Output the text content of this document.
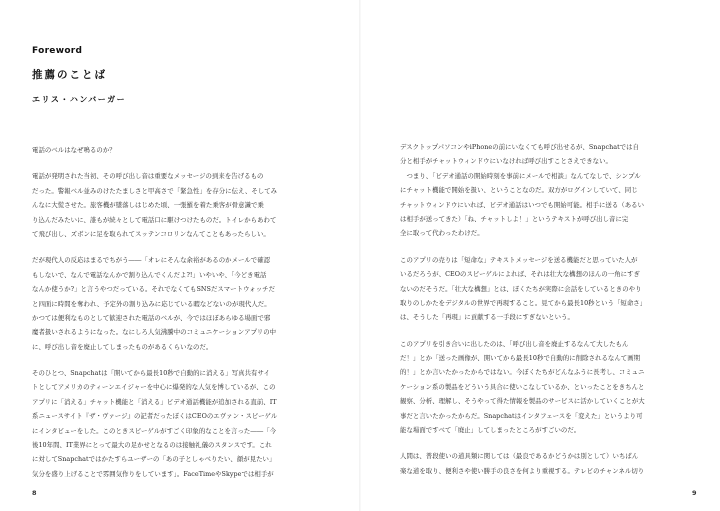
Foreword
推薦のことば
エリス・ハンバーガー
電話のベルはなぜ鳴るのか？
電話が発明された当初、その呼び出し音は重要なメッセージの到来を告げるもの
だった。警報ベル並みのけたたましさと甲高さで「緊急性」を存分に伝え、そしてみ
んなに大慌させた。旅客機が墜落しはじめた頃、一張羅を着た乗客が骨意識で乗
り込んだみたいに、誰もが続々として電話口に駆けつけたものだ。トイレからあわて
て飛び出し、ズボンに足を取られてスッテンコロリンなんてこともあったらしい。
だが現代人の反応はまるでちがう――「オレにそんな余裕があるのかメールで確認
もしないで、なんで電話なんかで割り込んでくんだよ?!」いやいや、「今どき電話
なんか使うか?」と言うやつだっている。それでなくてもSNSだスマートウォッチだ
と四面に時間を奪われ、予定外の割り込みに応じている暇などないのが現代人だ。
かつては便利なものとして歓迎された電話のベルが、今ではほぼあらゆる場面で邪
魔者扱いされるようになった。なにしろ人気沸騰中のコミュニケーションアプリの中
に、呼び出し音を廃止してしまったものがあるくらいなのだ。
そのひとつ、Snapchatは「開いてから最長10秒で自動的に消える」写真共有サイ
トとしてアメリカのティーンエイジャーを中心に爆発的な人気を博しているが、この
アプリに「消える」チャット機能と「消える」ビデオ通話機能が追加される直前、IT
系ニュースサイト『ザ・ヴァージ』の記者だったぼくはCEOのエヴァン・スピーゲル
にインタビューをした。このときスピーゲルがすごく印象的なことを言った――「今
後10年間、IT業界にとって最大の足かせとなるのは接触礼儀のスタンスです。これ
に対してSnapchatではかたすらユーザーの「あの子としゃべりたい、顔が見たい」
気分を盛り上げることで雰囲気作りをしています」。FaceTimeやSkypeでは相手が
デスクトップパソコンやiPhoneの前にいなくても呼び出せるが、Snapchatでは自
分と相手がチャットウィンドウにいなければ呼び出すことさえできない。
　つまり、「ビデオ通話の開始時刻を事前にメールで相談」なんてなしで、シンプル
にチャット機能で開始を扱い、ということなのだ。双方がログインしていて、同じ
チャットウィンドウにいれば、ビデオ通話はいつでも開始可能。相手に送る（あるい
は相手が送ってきた）「ね、チャットしよ！」というテキストが呼び出し音に完
全に取って代わったわけだ。
このアプリの売りは「短命な」テキストメッセージを送る機能だと思っていた人が
いるだろうが、CEOのスピーゲルによれば、それは壮大な構想のほんの一角にすぎ
ないのだそうだ。「壮大な構想」とは、ぼくたちが実際に会話をしているときのやり
取りのしかたをデジタルの世界で再現すること。見てから最長10秒という「短命さ」
は、そうした「再現」に貢献する一手段にすぎないという。
このアプリを引き合いに出したのは、「呼び出し音を廃止するなんて大したもん
だ！」とか「送った画像が、開いてから最長10秒で自動的に削除されるなんて画期
的！」とか言いたかったからではない。今ぼくたちがどんなふうに長考し、コミュニ
ケーション系の製品をどういう具合に使いこなしているか、といったことをきちんと
観察、分析、理解し、そうやって得た情報を製品のサービスに活かしていくことが大
事だと言いたかったからだ。Snapchatはインタフェースを「変えた」というより可
能な場面ですべて「廃止」してしまったところがすごいのだ。
人間は、普段使いの道具類に関しては（最良であるかどうかは別として）いちばん
楽な道を取り、便利さや使い勝手の良さを何より重視する。テレビのチャンネル切り
8	9
